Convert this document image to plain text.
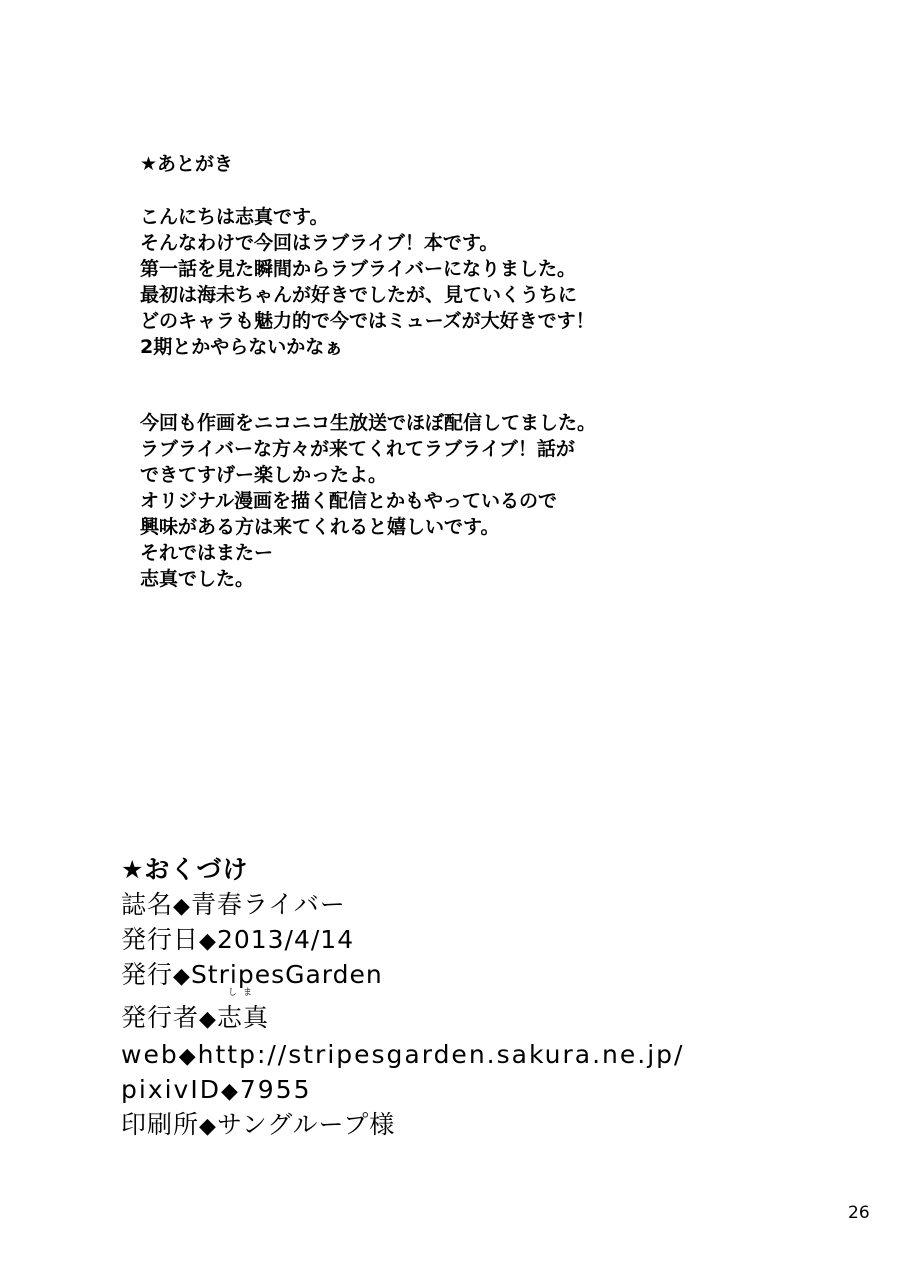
★あとがき
こんにちは志真です。
そんなわけで今回はラブライブ！本です。
第一話を見た瞬間からラブライバーになりました。
最初は海未ちゃんが好きでしたが、見ていくうちに
どのキャラも魅力的で今ではミューズが大好きです！
2期とかやらないかなぁ
今回も作画をニコニコ生放送でほぼ配信してました。
ラブライバーな方々が来てくれてラブライブ！話が
できてすげー楽しかったよ。
オリジナル漫画を描く配信とかもやっているので
興味がある方は来てくれると嬉しいです。
それではまたー
志真でした。
★おくづけ
誌名◆青春ライバー
発行日◆2013/4/14
発行◆StripesGarden
発行者◆
しま
志真
web◆http://stripesgarden.sakura.ne.jp/
pixivID◆7955
印刷所◆サングループ様
26
